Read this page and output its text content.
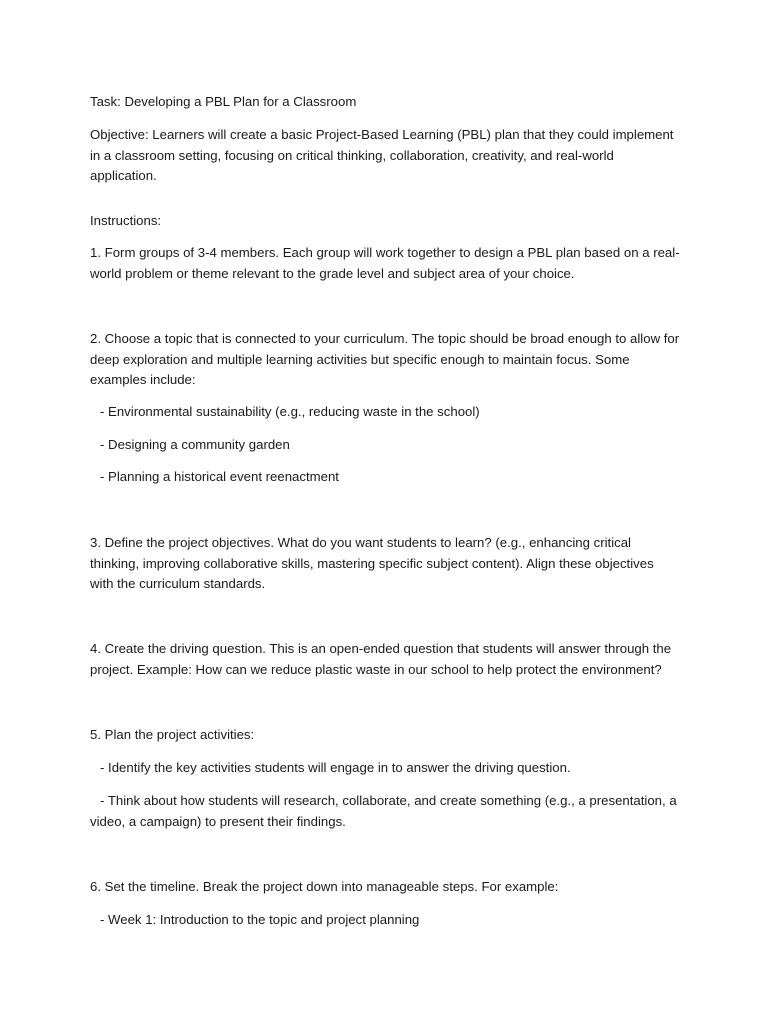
Task: Developing a PBL Plan for a Classroom

Objective: Learners will create a basic Project-Based Learning (PBL) plan that they could implement in a classroom setting, focusing on critical thinking, collaboration, creativity, and real-world application.

Instructions:

1. Form groups of 3-4 members. Each group will work together to design a PBL plan based on a real-world problem or theme relevant to the grade level and subject area of your choice.

2. Choose a topic that is connected to your curriculum. The topic should be broad enough to allow for deep exploration and multiple learning activities but specific enough to maintain focus. Some examples include:

- Environmental sustainability (e.g., reducing waste in the school)

- Designing a community garden

- Planning a historical event reenactment

3. Define the project objectives. What do you want students to learn? (e.g., enhancing critical thinking, improving collaborative skills, mastering specific subject content). Align these objectives with the curriculum standards.

4. Create the driving question. This is an open-ended question that students will answer through the project. Example: How can we reduce plastic waste in our school to help protect the environment?

5. Plan the project activities:

- Identify the key activities students will engage in to answer the driving question.

- Think about how students will research, collaborate, and create something (e.g., a presentation, a video, a campaign) to present their findings.

6. Set the timeline. Break the project down into manageable steps. For example:

- Week 1: Introduction to the topic and project planning
